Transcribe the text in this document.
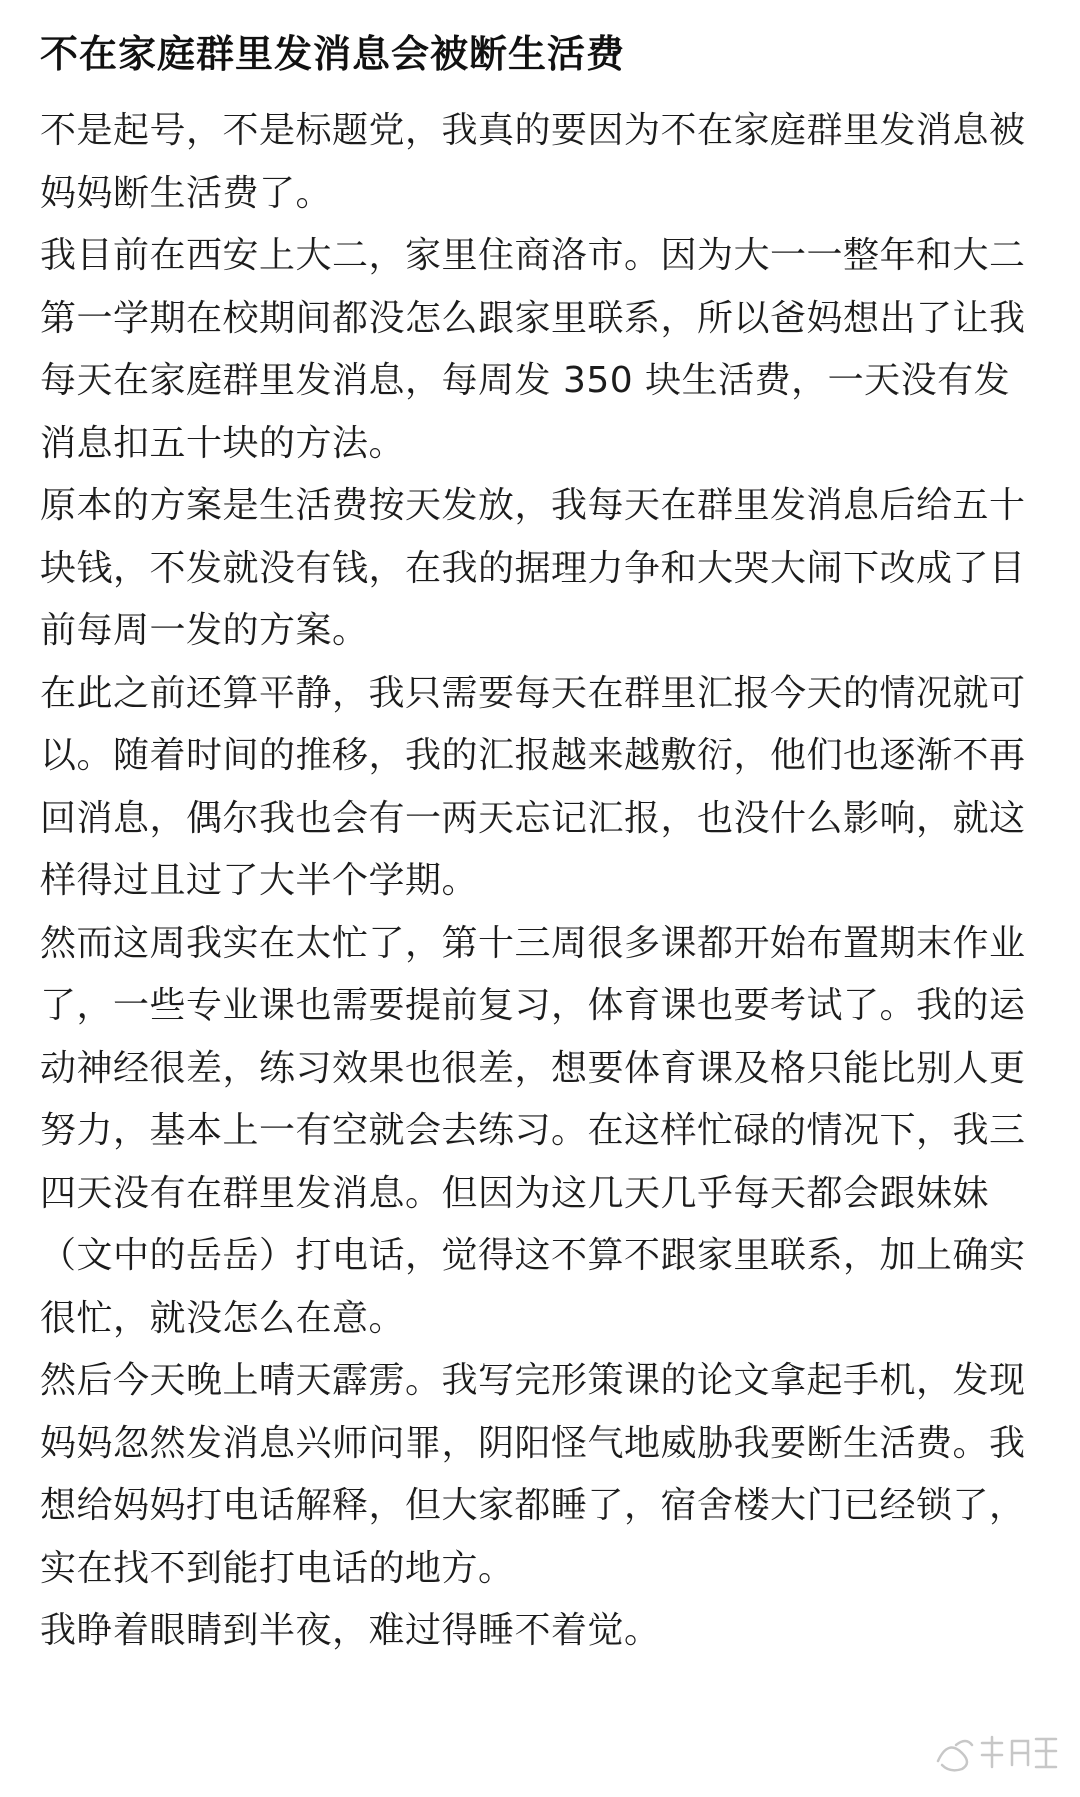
不在家庭群里发消息会被断生活费

不是起号，不是标题党，我真的要因为不在家庭群里发消息被妈妈断生活费了。

我目前在西安上大二，家里住商洛市。因为大一一整年和大二第一学期在校期间都没怎么跟家里联系，所以爸妈想出了让我每天在家庭群里发消息，每周发 350 块生活费，一天没有发消息扣五十块的方法。

原本的方案是生活费按天发放，我每天在群里发消息后给五十块钱，不发就没有钱，在我的据理力争和大哭大闹下改成了目前每周一发的方案。

在此之前还算平静，我只需要每天在群里汇报今天的情况就可以。随着时间的推移，我的汇报越来越敷衍，他们也逐渐不再回消息，偶尔我也会有一两天忘记汇报，也没什么影响，就这样得过且过了大半个学期。

然而这周我实在太忙了，第十三周很多课都开始布置期末作业了，一些专业课也需要提前复习，体育课也要考试了。我的运动神经很差，练习效果也很差，想要体育课及格只能比别人更努力，基本上一有空就会去练习。在这样忙碌的情况下，我三四天没有在群里发消息。但因为这几天几乎每天都会跟妹妹（文中的岳岳）打电话，觉得这不算不跟家里联系，加上确实很忙，就没怎么在意。

然后今天晚上晴天霹雳。我写完形策课的论文拿起手机，发现妈妈忽然发消息兴师问罪，阴阳怪气地威胁我要断生活费。我想给妈妈打电话解释，但大家都睡了，宿舍楼大门已经锁了，实在找不到能打电话的地方。

我睁着眼睛到半夜，难过得睡不着觉。
